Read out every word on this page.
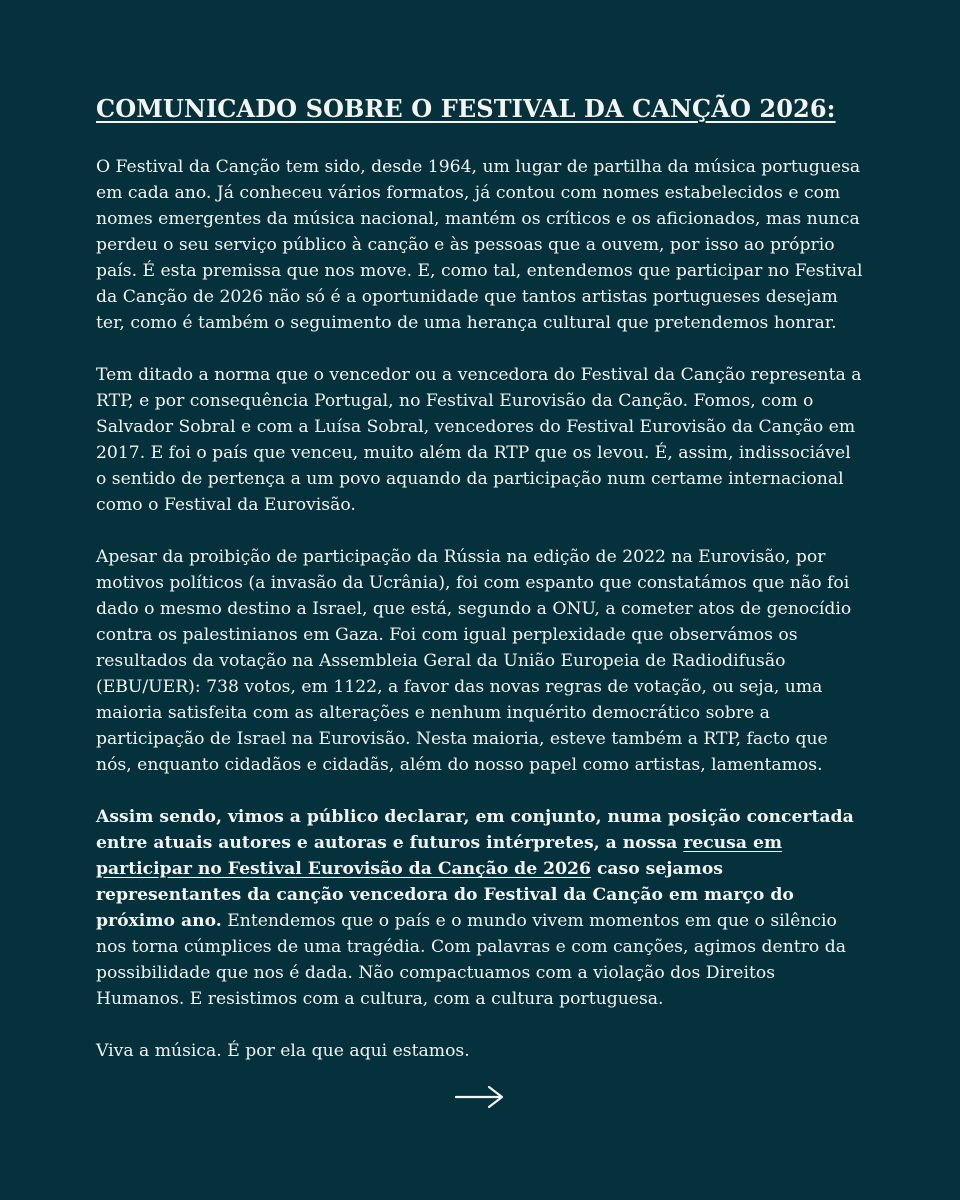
COMUNICADO SOBRE O FESTIVAL DA CANÇÃO 2026:

O Festival da Canção tem sido, desde 1964, um lugar de partilha da música portuguesa em cada ano. Já conheceu vários formatos, já contou com nomes estabelecidos e com nomes emergentes da música nacional, mantém os críticos e os aficionados, mas nunca perdeu o seu serviço público à canção e às pessoas que a ouvem, por isso ao próprio país. É esta premissa que nos move. E, como tal, entendemos que participar no Festival da Canção de 2026 não só é a oportunidade que tantos artistas portugueses desejam ter, como é também o seguimento de uma herança cultural que pretendemos honrar.

Tem ditado a norma que o vencedor ou a vencedora do Festival da Canção representa a RTP, e por consequência Portugal, no Festival Eurovisão da Canção. Fomos, com o Salvador Sobral e com a Luísa Sobral, vencedores do Festival Eurovisão da Canção em 2017. E foi o país que venceu, muito além da RTP que os levou. É, assim, indissociável o sentido de pertença a um povo aquando da participação num certame internacional como o Festival da Eurovisão.

Apesar da proibição de participação da Rússia na edição de 2022 na Eurovisão, por motivos políticos (a invasão da Ucrânia), foi com espanto que constatámos que não foi dado o mesmo destino a Israel, que está, segundo a ONU, a cometer atos de genocídio contra os palestinianos em Gaza. Foi com igual perplexidade que observámos os resultados da votação na Assembleia Geral da União Europeia de Radiodifusão (EBU/UER): 738 votos, em 1122, a favor das novas regras de votação, ou seja, uma maioria satisfeita com as alterações e nenhum inquérito democrático sobre a participação de Israel na Eurovisão. Nesta maioria, esteve também a RTP, facto que nós, enquanto cidadãos e cidadãs, além do nosso papel como artistas, lamentamos.

Assim sendo, vimos a público declarar, em conjunto, numa posição concertada entre atuais autores e autoras e futuros intérpretes, a nossa recusa em participar no Festival Eurovisão da Canção de 2026 caso sejamos representantes da canção vencedora do Festival da Canção em março do próximo ano. Entendemos que o país e o mundo vivem momentos em que o silêncio nos torna cúmplices de uma tragédia. Com palavras e com canções, agimos dentro da possibilidade que nos é dada. Não compactuamos com a violação dos Direitos Humanos. E resistimos com a cultura, com a cultura portuguesa.

Viva a música. É por ela que aqui estamos.
